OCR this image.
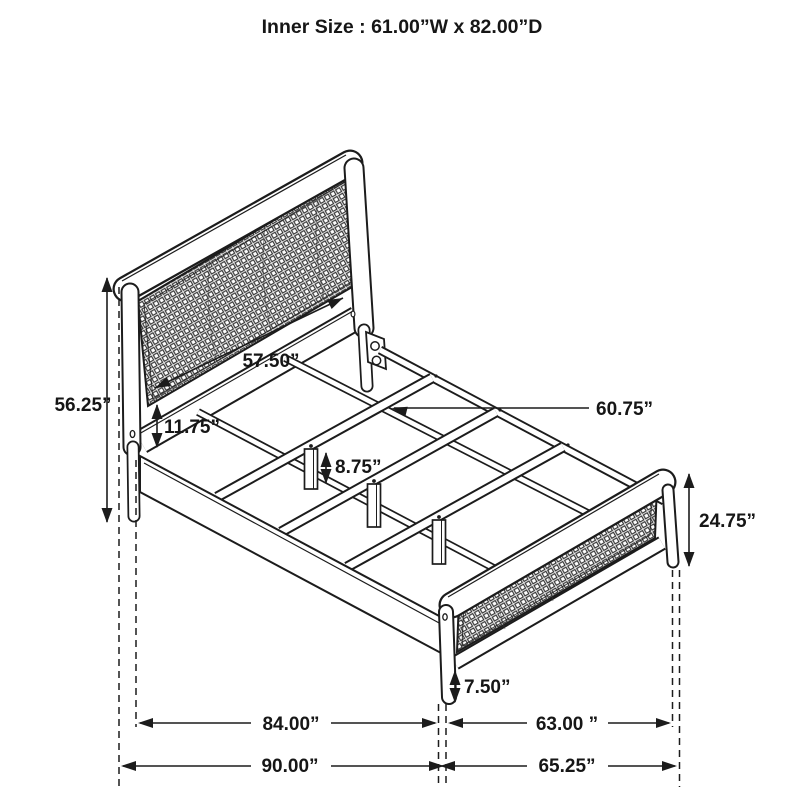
57.50”
56.25”
11.75”
60.75”
8.75”
24.75”
7.50”
84.00”	63.00 ”
90.00”	65.25”
Inner Size : 61.00”W x 82.00”D
